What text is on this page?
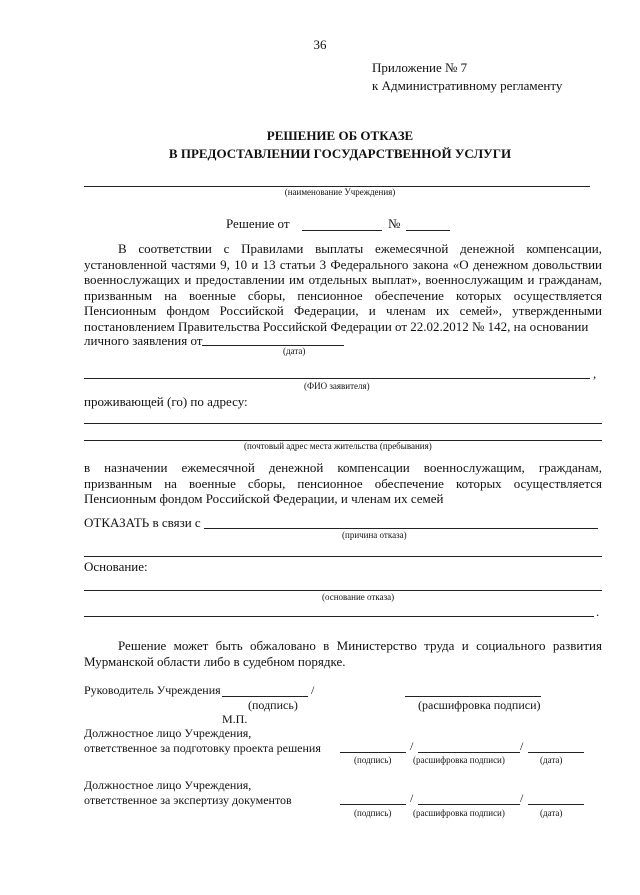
36
Приложение № 7
к Административному регламенту
РЕШЕНИЕ ОБ ОТКАЗЕ
В ПРЕДОСТАВЛЕНИИ ГОСУДАРСТВЕННОЙ УСЛУГИ
(наименование Учреждения)
Решение от	№
В соответствии с Правилами выплаты ежемесячной денежной компенсации, установленной частями 9, 10 и 13 статьи 3 Федерального закона «О денежном довольствии военнослужащих и предоставлении им отдельных выплат», военнослужащим и гражданам, призванным на военные сборы, пенсионное обеспечение которых осуществляется Пенсионным фондом Российской Федерации, и членам их семей», утвержденными постановлением Правительства Российской Федерации от 22.02.2012 № 142, на основании
личного заявления от
(дата)
,
(ФИО заявителя)
проживающей (го) по адресу:
(почтовый адрес места жительства (пребывания)
в назначении ежемесячной денежной компенсации военнослужащим, гражданам, призванным на военные сборы, пенсионное обеспечение которых осуществляется Пенсионным фондом Российской Федерации, и членам их семей
ОТКАЗАТЬ в связи с
(причина отказа)
Основание:
(основание отказа)
.
Решение может быть обжаловано в Министерство труда и социального развития Мурманской области либо в судебном порядке.
Руководитель Учреждения	/
(подпись)	(расшифровка подписи)
М.П.
Должностное лицо Учреждения,
ответственное за подготовку проекта решения	/	/
(подпись) (расшифровка подписи)	(дата)
Должностное лицо Учреждения,
ответственное за экспертизу документов	/	/
(подпись) (расшифровка подписи)	(дата)
